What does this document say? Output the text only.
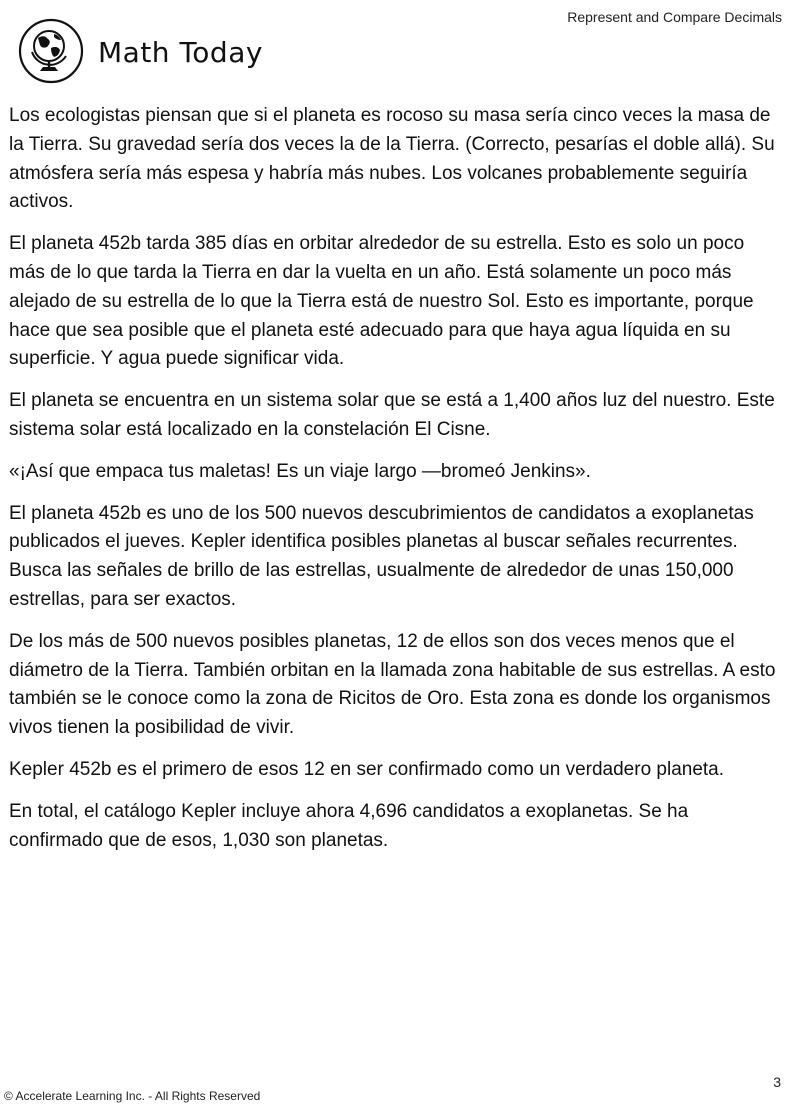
Represent and Compare Decimals
Math Today

Los ecologistas piensan que si el planeta es rocoso su masa sería cinco veces la masa de la Tierra. Su gravedad sería dos veces la de la Tierra. (Correcto, pesarías el doble allá). Su atmósfera sería más espesa y habría más nubes. Los volcanes probablemente seguiría activos.

El planeta 452b tarda 385 días en orbitar alrededor de su estrella. Esto es solo un poco más de lo que tarda la Tierra en dar la vuelta en un año. Está solamente un poco más alejado de su estrella de lo que la Tierra está de nuestro Sol. Esto es importante, porque hace que sea posible que el planeta esté adecuado para que haya agua líquida en su superficie. Y agua puede significar vida.

El planeta se encuentra en un sistema solar que se está a 1,400 años luz del nuestro. Este sistema solar está localizado en la constelación El Cisne.

«¡Así que empaca tus maletas! Es un viaje largo —bromeó Jenkins».

El planeta 452b es uno de los 500 nuevos descubrimientos de candidatos a exoplanetas publicados el jueves. Kepler identifica posibles planetas al buscar señales recurrentes. Busca las señales de brillo de las estrellas, usualmente de alrededor de unas 150,000 estrellas, para ser exactos.

De los más de 500 nuevos posibles planetas, 12 de ellos son dos veces menos que el diámetro de la Tierra. También orbitan en la llamada zona habitable de sus estrellas. A esto también se le conoce como la zona de Ricitos de Oro. Esta zona es donde los organismos vivos tienen la posibilidad de vivir.

Kepler 452b es el primero de esos 12 en ser confirmado como un verdadero planeta.

En total, el catálogo Kepler incluye ahora 4,696 candidatos a exoplanetas. Se ha confirmado que de esos, 1,030 son planetas.

3
© Accelerate Learning Inc. - All Rights Reserved
